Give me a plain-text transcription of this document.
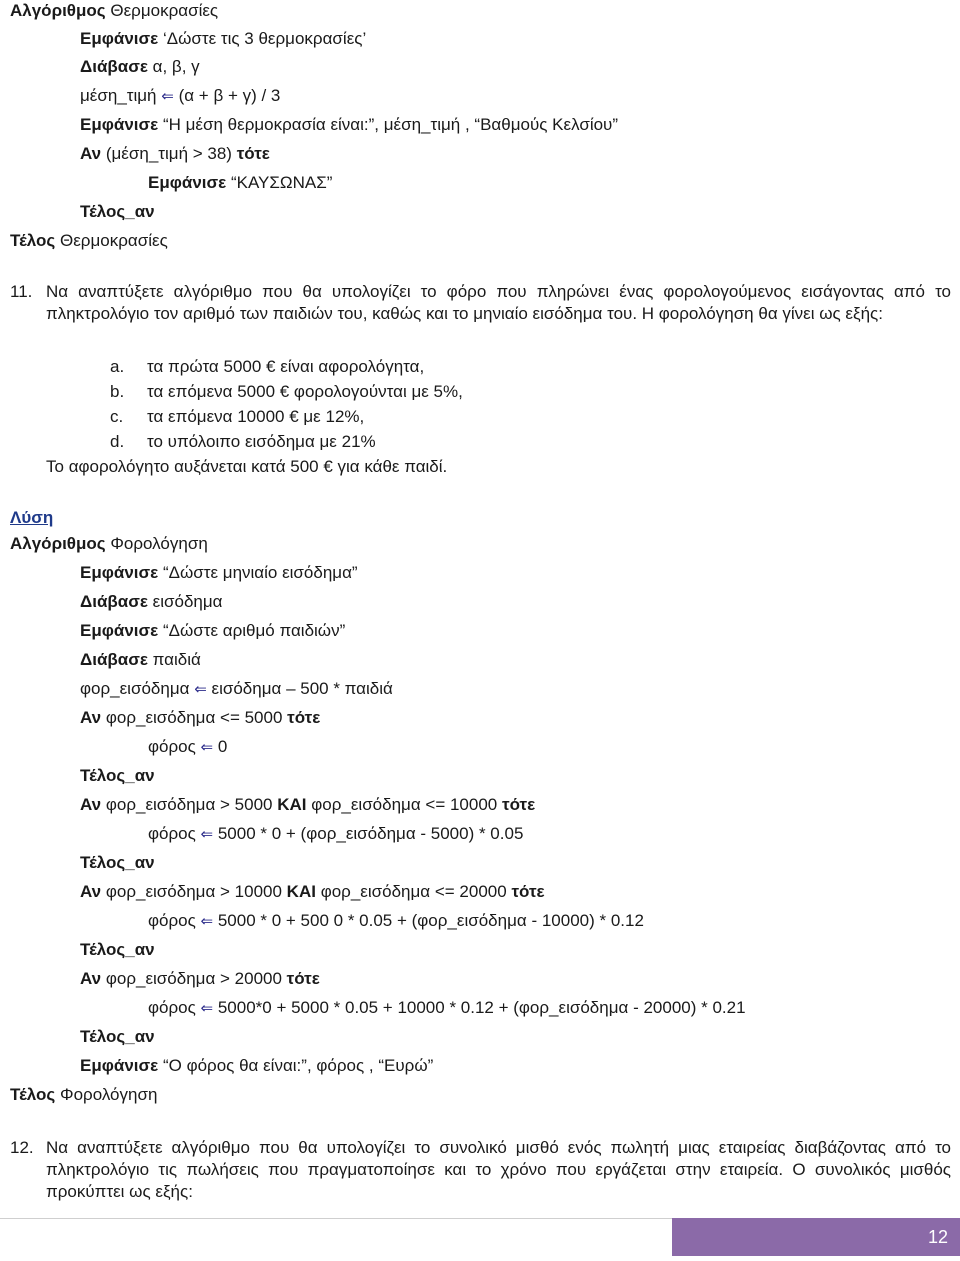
Αλγόριθμος Θερμοκρασίες
Εμφάνισε ‘Δώστε τις 3 θερμοκρασίες’
Διάβασε α, β, γ
μέση_τιμή ⇐ (α + β + γ) / 3
Εμφάνισε “Η μέση θερμοκρασία είναι:”, μέση_τιμή , “Βαθμούς Κελσίου”
Αν (μέση_τιμή > 38) τότε
Εμφάνισε “ΚΑΥΣΩΝΑΣ”
Τέλος_αν
Τέλος Θερμοκρασίες
11. Να αναπτύξετε αλγόριθμο που θα υπολογίζει το φόρο που πληρώνει ένας φορολογούμενος εισάγοντας από το πληκτρολόγιο τον αριθμό των παιδιών του, καθώς και το μηνιαίο εισόδημα του. Η φορολόγηση θα γίνει ως εξής:
a. τα πρώτα 5000 € είναι αφορολόγητα,
b. τα επόμενα 5000 € φορολογούνται με 5%,
c. τα επόμενα 10000 € με 12%,
d. το υπόλοιπο εισόδημα με 21%
Το αφορολόγητο αυξάνεται κατά 500 € για κάθε παιδί.
Λύση
Αλγόριθμος Φορολόγηση
Εμφάνισε “Δώστε μηνιαίο εισόδημα”
Διάβασε εισόδημα
Εμφάνισε “Δώστε αριθμό παιδιών”
Διάβασε παιδιά
φορ_εισόδημα ⇐ εισόδημα – 500 * παιδιά
Αν φορ_εισόδημα <= 5000 τότε
φόρος ⇐ 0
Τέλος_αν
Αν φορ_εισόδημα > 5000 ΚΑΙ φορ_εισόδημα <= 10000 τότε
φόρος ⇐ 5000 * 0 + (φορ_εισόδημα - 5000) * 0.05
Τέλος_αν
Αν φορ_εισόδημα > 10000 ΚΑΙ φορ_εισόδημα <= 20000 τότε
φόρος ⇐ 5000 * 0 + 500 0 * 0.05 + (φορ_εισόδημα - 10000) * 0.12
Τέλος_αν
Αν φορ_εισόδημα > 20000 τότε
φόρος ⇐ 5000*0 + 5000 * 0.05 + 10000 * 0.12 + (φορ_εισόδημα - 20000) * 0.21
Τέλος_αν
Εμφάνισε “Ο φόρος θα είναι:”, φόρος , “Ευρώ”
Τέλος Φορολόγηση
12. Να αναπτύξετε αλγόριθμο που θα υπολογίζει το συνολικό μισθό ενός πωλητή μιας εταιρείας διαβάζοντας από το πληκτρολόγιο τις πωλήσεις που πραγματοποίησε και το χρόνο που εργάζεται στην εταιρεία. Ο συνολικός μισθός προκύπτει ως εξής:
12
